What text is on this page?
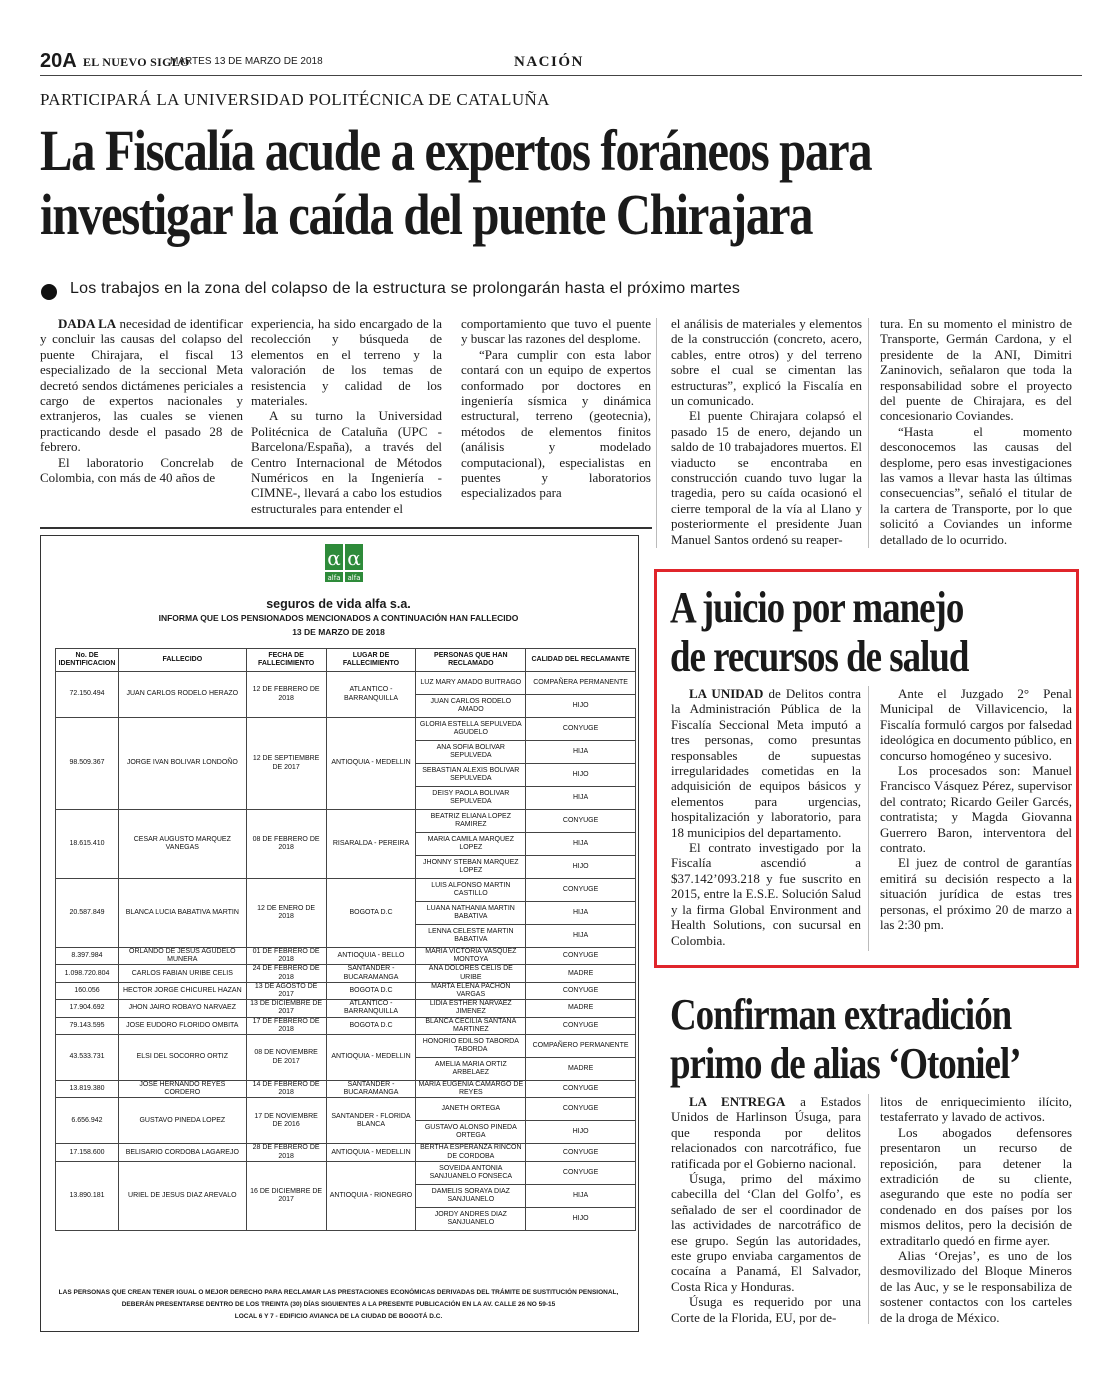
20A EL NUEVO SIGLO
MARTES 13 DE MARZO DE 2018	NACIÓN
PARTICIPARÁ LA UNIVERSIDAD POLITÉCNICA DE CATALUÑA
La Fiscalía acude a expertos foráneos para
investigar la caída del puente Chirajara
Los trabajos en la zona del colapso de la estructura se prolongarán hasta el próximo martes

DADA LA necesidad de identificar y concluir las causas del colapso del puente Chirajara, el fiscal 13 especializado de la seccional Meta decretó sendos dictámenes periciales a cargo de expertos nacionales y extranjeros, las cuales se vienen practicando desde el pasado 28 de febrero.

El laboratorio Concrelab de Colombia, con más de 40 años de

experiencia, ha sido encargado de la recolección y búsqueda de elementos en el terreno y la valoración de los temas de resistencia y calidad de los materiales.

A su turno la Universidad Politécnica de Cataluña (UPC - Barcelona/España), a través del Centro Internacional de Métodos Numéricos en la Ingeniería -CIMNE-, llevará a cabo los estudios estructurales para entender el

comportamiento que tuvo el puente y buscar las razones del desplome.

“Para cumplir con esta labor contará con un equipo de expertos conformado por doctores en ingeniería sísmica y dinámica estructural, terreno (geotecnia), métodos de elementos finitos (análisis y modelado computacional), especialistas en puentes y laboratorios especializados para

el análisis de materiales y elementos de la construcción (concreto, acero, cables, entre otros) y del terreno sobre el cual se cimentan las estructuras”, explicó la Fiscalía en un comunicado.

El puente Chirajara colapsó el pasado 15 de enero, dejando un saldo de 10 trabajadores muertos. El viaducto se encontraba en construcción cuando tuvo lugar la tragedia, pero su caída ocasionó el cierre temporal de la vía al Llano y posteriormente el presidente Juan Manuel Santos ordenó su reaper-

tura. En su momento el ministro de Transporte, Germán Cardona, y el presidente de la ANI, Dimitri Zaninovich, señalaron que toda la responsabilidad sobre el proyecto del puente de Chirajara, es del concesionario Coviandes.

“Hasta el momento desconocemos las causas del desplome, pero esas investigaciones las vamos a llevar hasta las últimas consecuencias”, señaló el titular de la cartera de Transporte, por lo que solicitó a Coviandes un informe detallado de lo ocurrido.

α α
alfa alfa
seguros de vida alfa s.a.
INFORMA QUE LOS PENSIONADOS MENCIONADOS A CONTINUACIÓN HAN FALLECIDO
13 DE MARZO DE 2018
No. DE IDENTIFICACION	FALLECIDO	FECHA DE FALLECIMIENTO	LUGAR DE FALLECIMIENTO	PERSONAS QUE HAN RECLAMADO	CALIDAD DEL RECLAMANTE
72.150.494	JUAN CARLOS RODELO HERAZO	12 DE FEBRERO DE 2018	ATLANTICO - BARRANQUILLA	LUZ MARY AMADO BUITRAGO	COMPAÑERA PERMANENTE
				JUAN CARLOS RODELO AMADO	HIJO
98.509.367	JORGE IVAN BOLIVAR LONDOÑO	12 DE SEPTIEMBRE DE 2017	ANTIOQUIA - MEDELLIN	GLORIA ESTELLA SEPULVEDA AGUDELO	CONYUGE
				ANA SOFIA BOLIVAR SEPULVEDA	HIJA
				SEBASTIAN ALEXIS BOLIVAR SEPULVEDA	HIJO
				DEISY PAOLA BOLIVAR SEPULVEDA	HIJA
18.615.410	CESAR AUGUSTO MARQUEZ VANEGAS	08 DE FEBRERO DE 2018	RISARALDA - PEREIRA	BEATRIZ ELIANA LOPEZ RAMIREZ	CONYUGE
				MARIA CAMILA MARQUEZ LOPEZ	HIJA
				JHONNY STEBAN MARQUEZ LOPEZ	HIJO
20.587.849	BLANCA LUCIA BABATIVA MARTIN	12 DE ENERO DE 2018	BOGOTA D.C	LUIS ALFONSO MARTIN CASTILLO	CONYUGE
				LUANA NATHANIA MARTIN BABATIVA	HIJA
				LENNA CELESTE MARTIN BABATIVA	HIJA
8.397.984	ORLANDO DE JESUS AGUDELO MUNERA	01 DE FEBRERO DE 2018	ANTIOQUIA - BELLO	MARIA VICTORIA VASQUEZ MONTOYA	CONYUGE
1.098.720.804	CARLOS FABIAN URIBE CELIS	24 DE FEBRERO DE 2018	SANTANDER - BUCARAMANGA	ANA DOLORES CELIS DE URIBE	MADRE
160.056	HECTOR JORGE CHICUREL HAZAN	13 DE AGOSTO DE 2017	BOGOTA D.C	MARTA ELENA PACHON VARGAS	CONYUGE
17.904.692	JHON JAIRO ROBAYO NARVAEZ	13 DE DICIEMBRE DE 2017	ATLANTICO - BARRANQUILLA	LIDIA ESTHER NARVAEZ JIMENEZ	MADRE
79.143.595	JOSE EUDORO FLORIDO OMBITA	17 DE FEBRERO DE 2018	BOGOTA D.C	BLANCA CECILIA SANTANA MARTINEZ	CONYUGE
43.533.731	ELSI DEL SOCORRO ORTIZ	08 DE NOVIEMBRE DE 2017	ANTIOQUIA - MEDELLIN	HONORIO EDILSO TABORDA TABORDA	COMPAÑERO PERMANENTE
				AMELIA MARIA ORTIZ ARBELAEZ	MADRE
13.819.380	JOSE HERNANDO REYES CORDERO	14 DE FEBRERO DE 2018	SANTANDER - BUCARAMANGA	MARIA EUGENIA CAMARGO DE REYES	CONYUGE
6.656.942	GUSTAVO PINEDA LOPEZ	17 DE NOVIEMBRE DE 2016	SANTANDER - FLORIDA BLANCA	JANETH ORTEGA	CONYUGE
				GUSTAVO ALONSO PINEDA ORTEGA	HIJO
17.158.600	BELISARIO CORDOBA LAGAREJO	28 DE FEBRERO DE 2018	ANTIOQUIA - MEDELLIN	BERTHA ESPERANZA RINCON DE CORDOBA	CONYUGE
13.890.181	URIEL DE JESUS DIAZ AREVALO	16 DE DICIEMBRE DE 2017	ANTIOQUIA - RIONEGRO	SOVEIDA ANTONIA SANJUANELO FONSECA	CONYUGE
				DAMELIS SORAYA DIAZ SANJUANELO	HIJA
				JORDY ANDRES DIAZ SANJUANELO	HIJO
LAS PERSONAS QUE CREAN TENER IGUAL O MEJOR DERECHO PARA RECLAMAR LAS PRESTACIONES ECONÓMICAS DERIVADAS DEL TRÁMITE DE SUSTITUCIÓN PENSIONAL,
DEBERÁN PRESENTARSE DENTRO DE LOS TREINTA (30) DÍAS SIGUIENTES A LA PRESENTE PUBLICACIÓN EN LA AV. CALLE 26 NO 59-15
LOCAL 6 Y 7 - EDIFICIO AVIANCA DE LA CIUDAD DE BOGOTÁ D.C.
A juicio por manejo
de recursos de salud

LA UNIDAD de Delitos contra la Administración Pública de la Fiscalía Seccional Meta imputó a tres personas, como presuntas responsables de supuestas irregularidades cometidas en la adquisición de equipos básicos y elementos para urgencias, hospitalización y laboratorio, para 18 municipios del departamento.

El contrato investigado por la Fiscalía ascendió a $37.142’093.218 y fue suscrito en 2015, entre la E.S.E. Solución Salud y la firma Global Environment and Health Solutions, con sucursal en Colombia.

Ante el Juzgado 2° Penal Municipal de Villavicencio, la Fiscalía formuló cargos por falsedad ideológica en documento público, en concurso homogéneo y sucesivo.

Los procesados son: Manuel Francisco Vásquez Pérez, supervisor del contrato; Ricardo Geiler Garcés, contratista; y Magda Giovanna Guerrero Baron, interventora del contrato.

El juez de control de garantías emitirá su decisión respecto a la situación jurídica de estas tres personas, el próximo 20 de marzo a las 2:30 pm.

Confirman extradición
primo de alias ‘Otoniel’

LA ENTREGA a Estados Unidos de Harlinson Úsuga, para que responda por delitos relacionados con narcotráfico, fue ratificada por el Gobierno nacional.

Úsuga, primo del máximo cabecilla del ‘Clan del Golfo’, es señalado de ser el coordinador de las actividades de narcotráfico de ese grupo. Según las autoridades, este grupo enviaba cargamentos de cocaína a Panamá, El Salvador, Costa Rica y Honduras.

Úsuga es requerido por una Corte de la Florida, EU, por de-

litos de enriquecimiento ilícito, testaferrato y lavado de activos.

Los abogados defensores presentaron un recurso de reposición, para detener la extradición de su cliente, asegurando que este no podía ser condenado en dos países por los mismos delitos, pero la decisión de extraditarlo quedó en firme ayer.

Alias ‘Orejas’, es uno de los desmovilizado del Bloque Mineros de las Auc, y se le responsabiliza de sostener contactos con los carteles de la droga de México.
